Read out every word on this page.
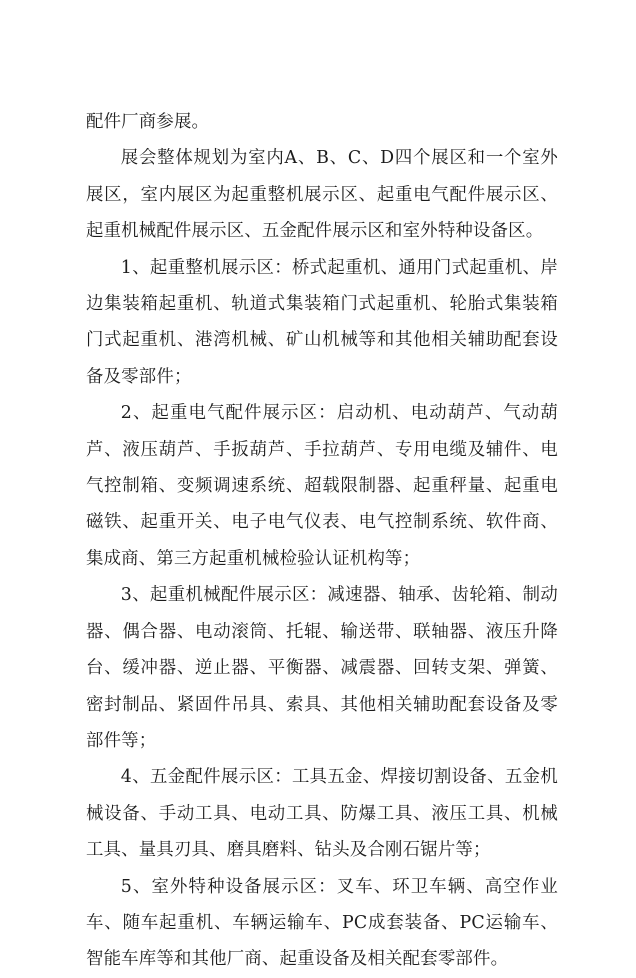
配件厂商参展。

展会整体规划为室内A、B、C、D四个展区和一个室外展区，室内展区为起重整机展示区、起重电气配件展示区、起重机械配件展示区、五金配件展示区和室外特种设备区。

1、起重整机展示区：桥式起重机、通用门式起重机、岸边集装箱起重机、轨道式集装箱门式起重机、轮胎式集装箱门式起重机、港湾机械、矿山机械等和其他相关辅助配套设备及零部件；

2、起重电气配件展示区：启动机、电动葫芦、气动葫芦、液压葫芦、手扳葫芦、手拉葫芦、专用电缆及辅件、电气控制箱、变频调速系统、超载限制器、起重秤量、起重电磁铁、起重开关、电子电气仪表、电气控制系统、软件商、集成商、第三方起重机械检验认证机构等；

3、起重机械配件展示区：减速器、轴承、齿轮箱、制动器、偶合器、电动滚筒、托辊、输送带、联轴器、液压升降台、缓冲器、逆止器、平衡器、减震器、回转支架、弹簧、密封制品、紧固件吊具、索具、其他相关辅助配套设备及零部件等；

4、五金配件展示区：工具五金、焊接切割设备、五金机械设备、手动工具、电动工具、防爆工具、液压工具、机械工具、量具刃具、磨具磨料、钻头及合刚石锯片等；

5、室外特种设备展示区：叉车、环卫车辆、高空作业车、随车起重机、车辆运输车、PC成套装备、PC运输车、智能车库等和其他厂商、起重设备及相关配套零部件。
